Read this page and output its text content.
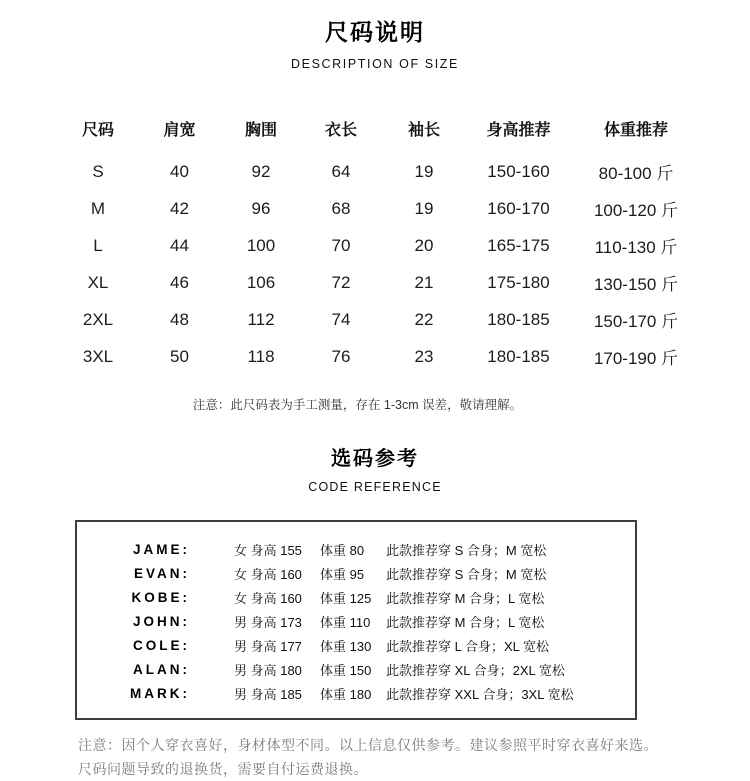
尺码说明
DESCRIPTION OF SIZE
尺码	肩宽	胸围	衣长	袖长	身高推荐	体重推荐
S	40	92	64	19	150-160	80-100 斤
M	42	96	68	19	160-170	100-120 斤
L	44	100	70	20	165-175	110-130 斤
XL	46	106	72	21	175-180	130-150 斤
2XL	48	112	74	22	180-185	150-170 斤
3XL	50	118	76	23	180-185	170-190 斤
注意：此尺码表为手工测量，存在 1-3cm 误差，敬请理解。
选码参考
CODE REFERENCE
JAME:	女 身高 155	体重 80	此款推荐穿 S 合身；M 宽松
EVAN:	女 身高 160	体重 95	此款推荐穿 S 合身；M 宽松
KOBE:	女 身高 160	体重 125	此款推荐穿 M 合身；L 宽松
JOHN:	男 身高 173	体重 110	此款推荐穿 M 合身；L 宽松
COLE:	男 身高 177	体重 130	此款推荐穿 L 合身；XL 宽松
ALAN:	男 身高 180	体重 150	此款推荐穿 XL 合身；2XL 宽松
MARK:	男 身高 185	体重 180	此款推荐穿 XXL 合身；3XL 宽松
注意：因个人穿衣喜好，身材体型不同。以上信息仅供参考。建议参照平时穿衣喜好来选。
尺码问题导致的退换货，需要自付运费退换。
